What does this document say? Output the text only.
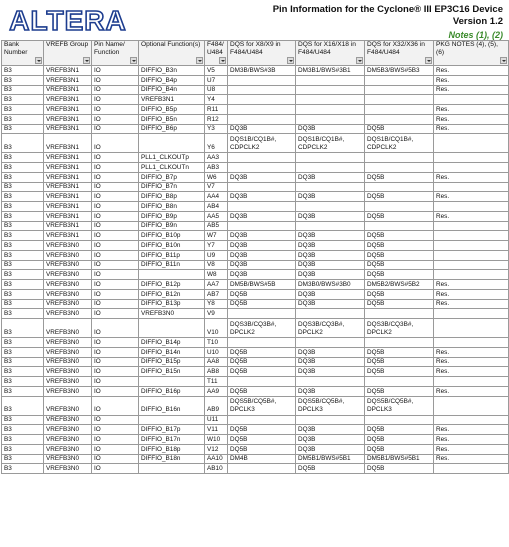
ALTERA	Pin Information for the Cyclone® III EP3C16 Device
Version 1.2
Notes (1), (2)
Bank Number	VREFB Group	Pin Name/ Function	Optional Function(s)	F484/ U484	DQS for X8/X9 in F484/U484	DQS for X16/X18 in F484/U484	DQS for X32/X36 in F484/U484	PKG NOTES (4), (5), (6)

B3	VREFB3N1	IO	DIFFIO_B3n	V5	DM3B/BWS#3B	DM3B1/BWS#3B1	DM5B3/BWS#5B3	Res.
B3	VREFB3N1	IO	DIFFIO_B4p	U7				Res.
B3	VREFB3N1	IO	DIFFIO_B4n	U8				Res.
B3	VREFB3N1	IO	VREFB3N1	Y4				
B3	VREFB3N1	IO	DIFFIO_B5p	R11				Res.
B3	VREFB3N1	IO	DIFFIO_B5n	R12				Res.
B3	VREFB3N1	IO	DIFFIO_B6p	Y3	DQ3B	DQ3B	DQ5B	Res.
B3	VREFB3N1	IO		Y6	DQS1B/CQ1B#, CDPCLK2	DQS1B/CQ1B#, CDPCLK2	DQS1B/CQ1B#, CDPCLK2	
B3	VREFB3N1	IO	PLL1_CLKOUTp	AA3				
B3	VREFB3N1	IO	PLL1_CLKOUTn	AB3				
B3	VREFB3N1	IO	DIFFIO_B7p	W6	DQ3B	DQ3B	DQ5B	Res.
B3	VREFB3N1	IO	DIFFIO_B7n	V7				
B3	VREFB3N1	IO	DIFFIO_B8p	AA4	DQ3B	DQ3B	DQ5B	Res.
B3	VREFB3N1	IO	DIFFIO_B8n	AB4				
B3	VREFB3N1	IO	DIFFIO_B9p	AA5	DQ3B	DQ3B	DQ5B	Res.
B3	VREFB3N1	IO	DIFFIO_B9n	AB5				
B3	VREFB3N1	IO	DIFFIO_B10p	W7	DQ3B	DQ3B	DQ5B	
B3	VREFB3N0	IO	DIFFIO_B10n	Y7	DQ3B	DQ3B	DQ5B	
B3	VREFB3N0	IO	DIFFIO_B11p	U9	DQ3B	DQ3B	DQ5B	
B3	VREFB3N0	IO	DIFFIO_B11n	V8	DQ3B	DQ3B	DQ5B	
B3	VREFB3N0	IO		W8	DQ3B	DQ3B	DQ5B	
B3	VREFB3N0	IO	DIFFIO_B12p	AA7	DM5B/BWS#5B	DM3B0/BWS#3B0	DM5B2/BWS#5B2	Res.
B3	VREFB3N0	IO	DIFFIO_B12n	AB7	DQ5B	DQ3B	DQ5B	Res.
B3	VREFB3N0	IO	DIFFIO_B13p	Y8	DQ5B	DQ3B	DQ5B	Res.
B3	VREFB3N0	IO	VREFB3N0	V9				
B3	VREFB3N0	IO		V10	DQS3B/CQ3B#, DPCLK2	DQS3B/CQ3B#, DPCLK2	DQS3B/CQ3B#, DPCLK2	
B3	VREFB3N0	IO	DIFFIO_B14p	T10				
B3	VREFB3N0	IO	DIFFIO_B14n	U10	DQ5B	DQ3B	DQ5B	Res.
B3	VREFB3N0	IO	DIFFIO_B15p	AA8	DQ5B	DQ3B	DQ5B	Res.
B3	VREFB3N0	IO	DIFFIO_B15n	AB8	DQ5B	DQ3B	DQ5B	Res.
B3	VREFB3N0	IO		T11				
B3	VREFB3N0	IO	DIFFIO_B16p	AA9	DQ5B	DQ3B	DQ5B	Res.
B3	VREFB3N0	IO	DIFFIO_B16n	AB9	DQS5B/CQ5B#, DPCLK3	DQS5B/CQ5B#, DPCLK3	DQS5B/CQ5B#, DPCLK3	
B3	VREFB3N0	IO		U11				
B3	VREFB3N0	IO	DIFFIO_B17p	V11	DQ5B	DQ3B	DQ5B	Res.
B3	VREFB3N0	IO	DIFFIO_B17n	W10	DQ5B	DQ3B	DQ5B	Res.
B3	VREFB3N0	IO	DIFFIO_B18p	V12	DQ5B	DQ3B	DQ5B	Res.
B3	VREFB3N0	IO	DIFFIO_B18n	AA10	DM4B	DM5B1/BWS#5B1	DM5B1/BWS#5B1	Res.
B3	VREFB3N0	IO		AB10		DQ5B	DQ5B	
